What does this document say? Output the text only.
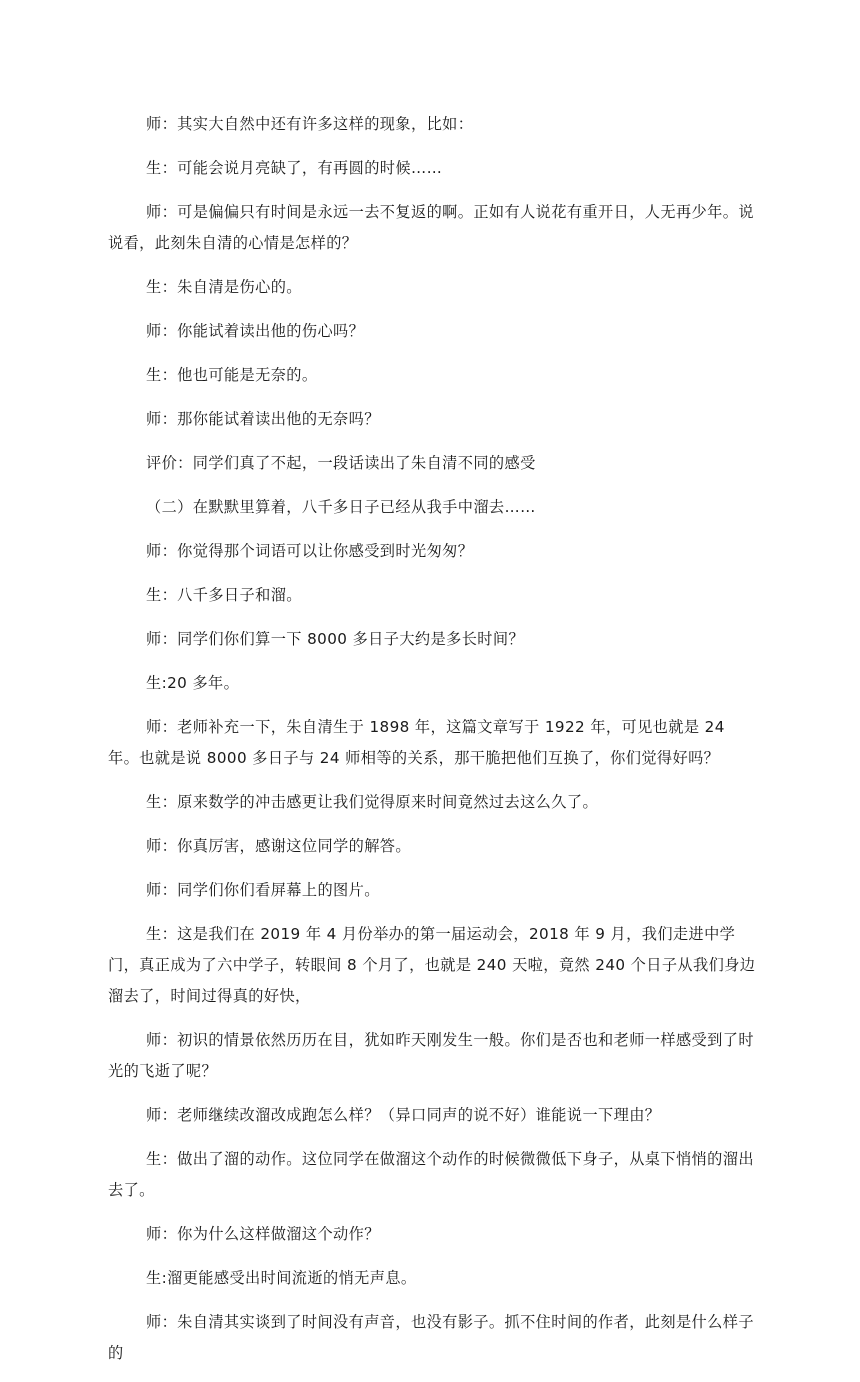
师：其实大自然中还有许多这样的现象，比如：

生：可能会说月亮缺了，有再圆的时候……

师：可是偏偏只有时间是永远一去不复返的啊。正如有人说花有重开日，人无再少年。说说看，此刻朱自清的心情是怎样的？

生：朱自清是伤心的。

师：你能试着读出他的伤心吗？

生：他也可能是无奈的。

师：那你能试着读出他的无奈吗？

评价：同学们真了不起，一段话读出了朱自清不同的感受

（二）在默默里算着，八千多日子已经从我手中溜去……

师：你觉得那个词语可以让你感受到时光匆匆？

生：八千多日子和溜。

师：同学们你们算一下 8000 多日子大约是多长时间？

生:20 多年。

师：老师补充一下，朱自清生于 1898 年，这篇文章写于 1922 年，可见也就是 24 年。也就是说 8000 多日子与 24 师相等的关系，那干脆把他们互换了，你们觉得好吗？

生：原来数学的冲击感更让我们觉得原来时间竟然过去这么久了。

师：你真厉害，感谢这位同学的解答。

师：同学们你们看屏幕上的图片。

生：这是我们在 2019 年 4 月份举办的第一届运动会，2018 年 9 月，我们走进中学门，真正成为了六中学子，转眼间 8 个月了，也就是 240 天啦，竟然 240 个日子从我们身边溜去了，时间过得真的好快，

师：初识的情景依然历历在目，犹如昨天刚发生一般。你们是否也和老师一样感受到了时光的飞逝了呢？

师：老师继续改溜改成跑怎么样？（异口同声的说不好）谁能说一下理由？

生：做出了溜的动作。这位同学在做溜这个动作的时候微微低下身子，从桌下悄悄的溜出去了。

师：你为什么这样做溜这个动作？

生:溜更能感受出时间流逝的悄无声息。

师：朱自清其实谈到了时间没有声音，也没有影子。抓不住时间的作者，此刻是什么样子的
